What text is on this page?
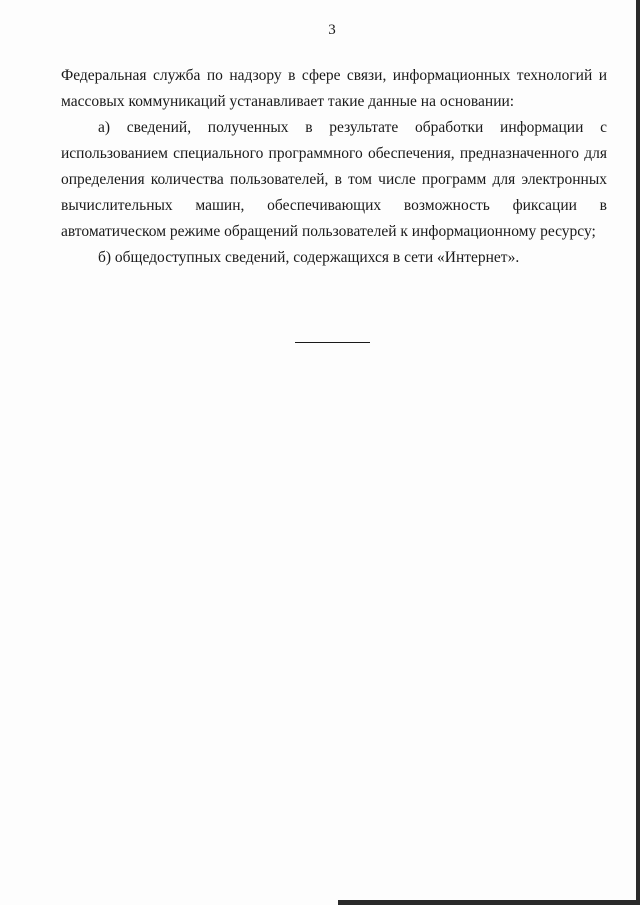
3

Федеральная служба по надзору в сфере связи, информационных технологий и массовых коммуникаций устанавливает такие данные на основании:

а) сведений, полученных в результате обработки информации с использованием специального программного обеспечения, предназначенного для определения количества пользователей, в том числе программ для электронных вычислительных машин, обеспечивающих возможность фиксации в автоматическом режиме обращений пользователей к информационному ресурсу;

б) общедоступных сведений, содержащихся в сети «Интернет».
